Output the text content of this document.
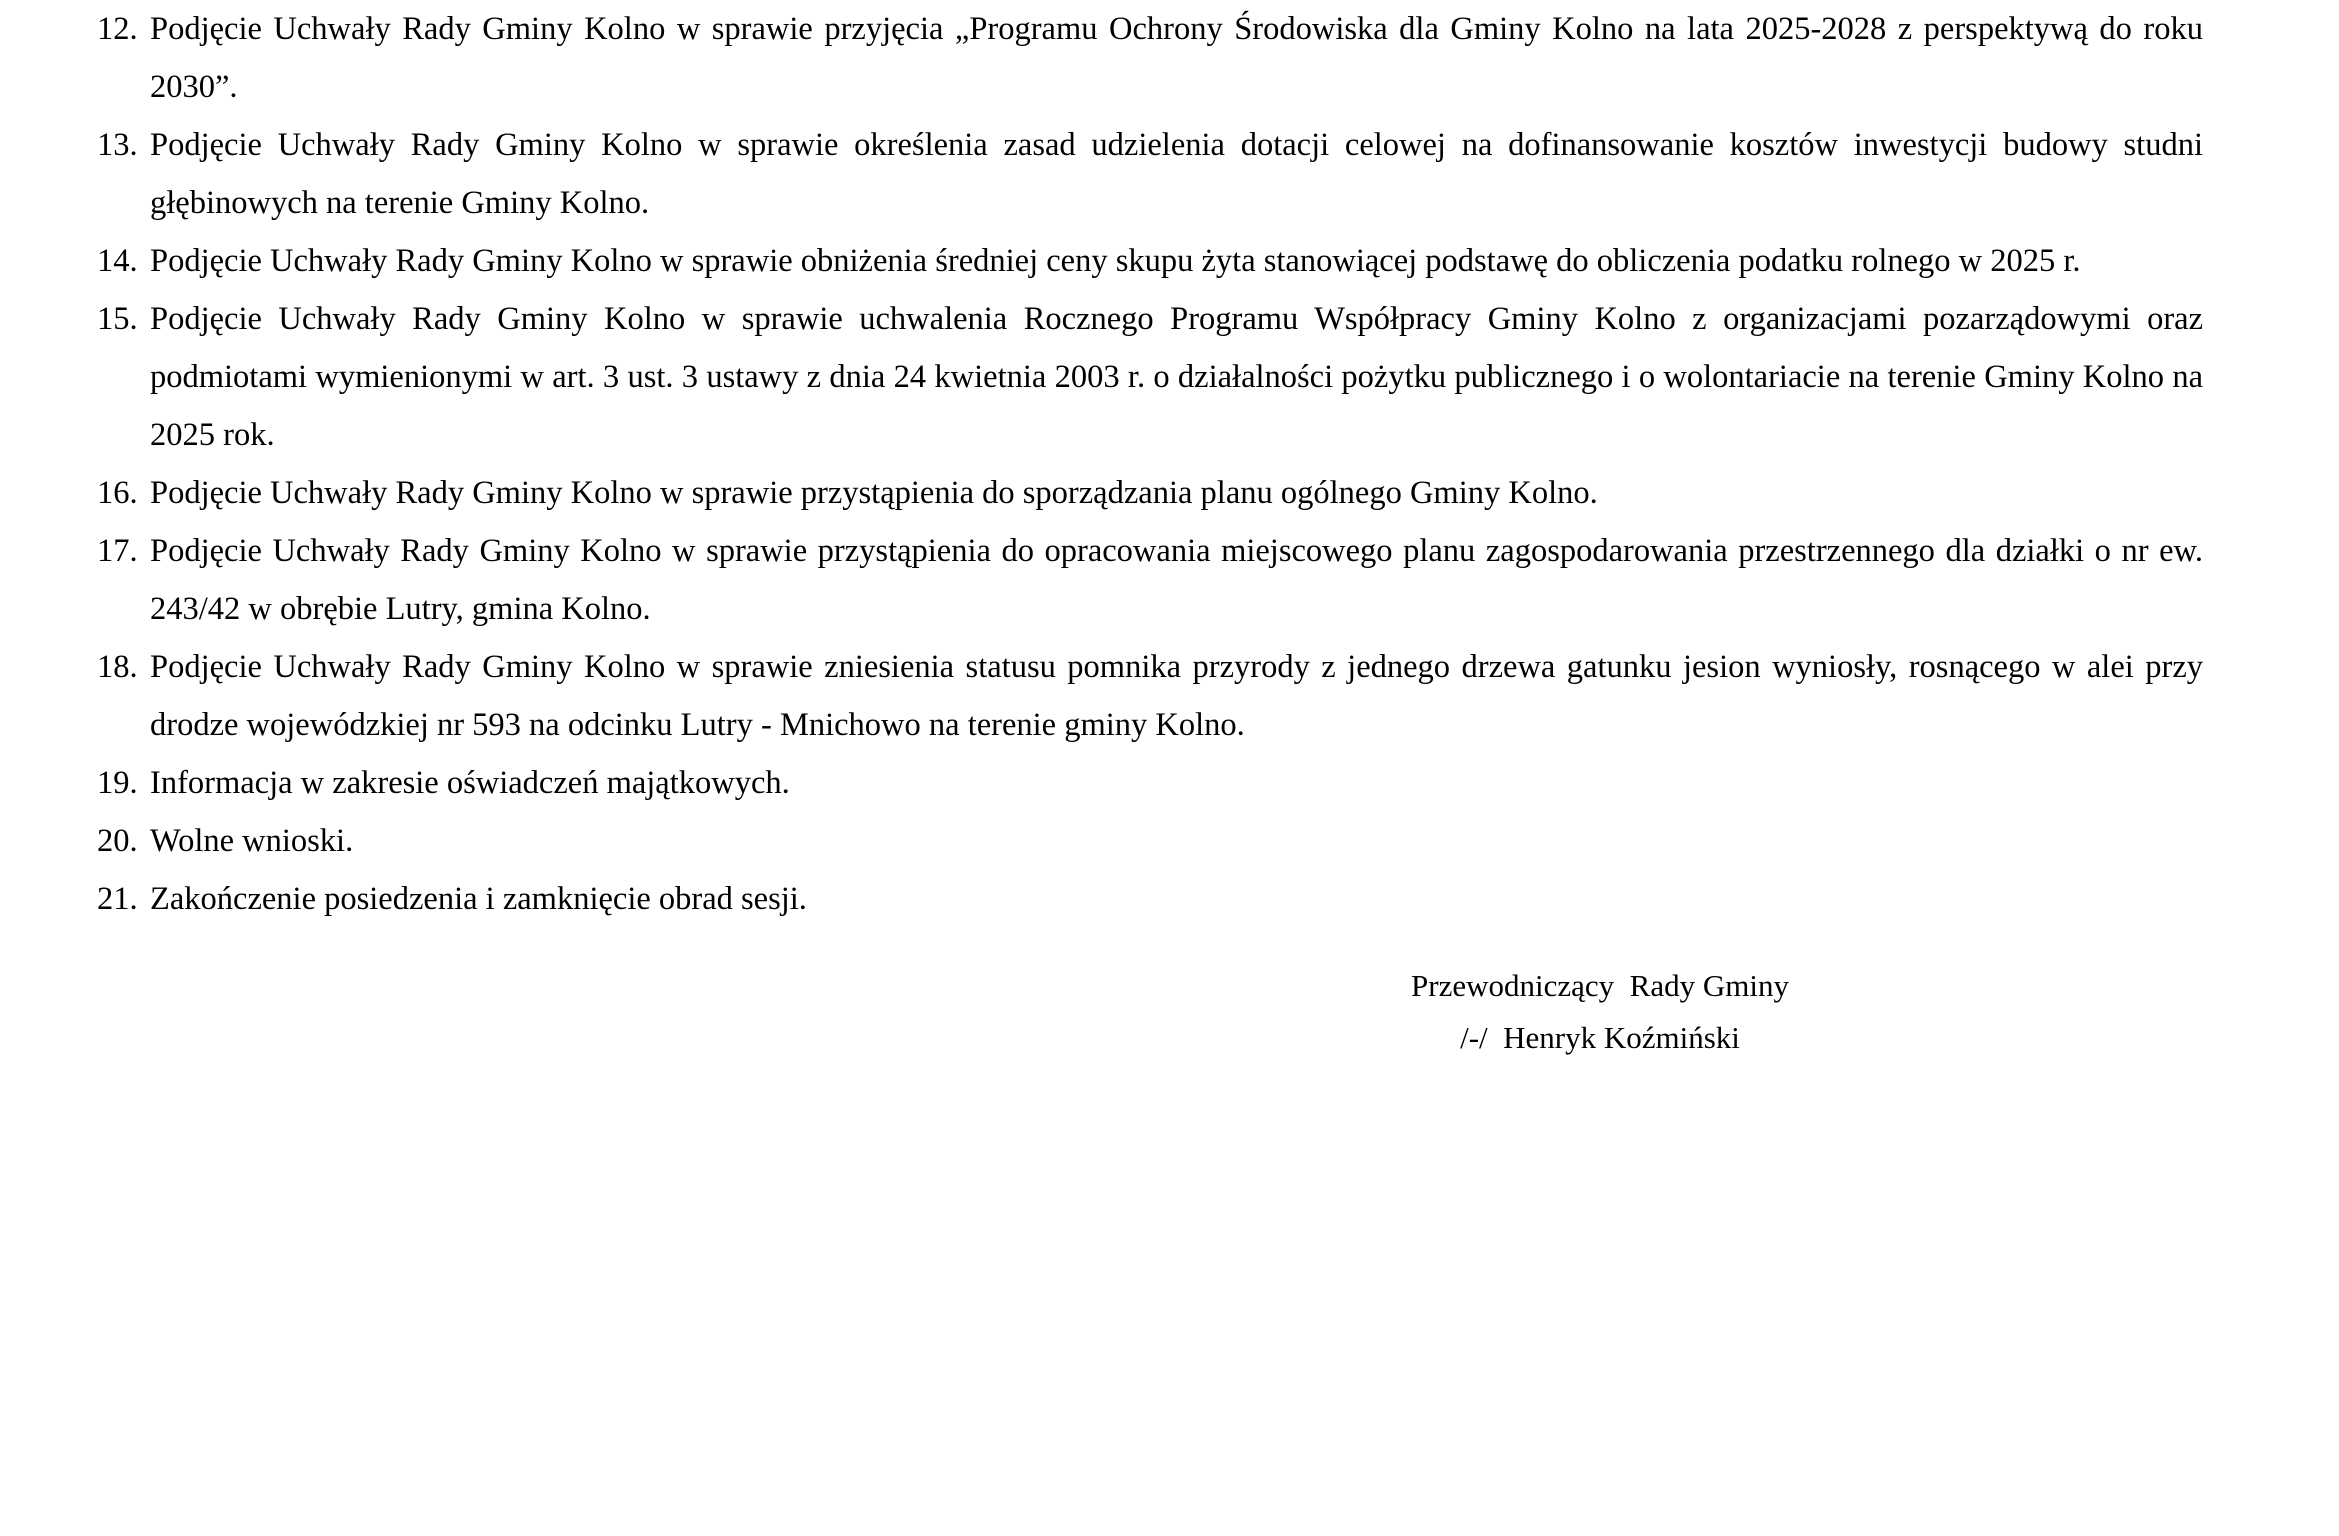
12. Podjęcie Uchwały Rady Gminy Kolno w sprawie przyjęcia „Programu Ochrony Środowiska dla Gminy Kolno na lata 2025-2028 z perspektywą do roku 2030”.
13. Podjęcie Uchwały Rady Gminy Kolno w sprawie określenia zasad udzielenia dotacji celowej na dofinansowanie kosztów inwestycji budowy studni głębinowych na terenie Gminy Kolno.
14. Podjęcie Uchwały Rady Gminy Kolno w sprawie obniżenia średniej ceny skupu żyta stanowiącej podstawę do obliczenia podatku rolnego w 2025 r.
15. Podjęcie Uchwały Rady Gminy Kolno w sprawie uchwalenia Rocznego Programu Współpracy Gminy Kolno z organizacjami pozarządowymi oraz podmiotami wymienionymi w art. 3 ust. 3 ustawy z dnia 24 kwietnia 2003 r. o działalności pożytku publicznego i o wolontariacie na terenie Gminy Kolno na 2025 rok.
16. Podjęcie Uchwały Rady Gminy Kolno w sprawie przystąpienia do sporządzania planu ogólnego Gminy Kolno.
17. Podjęcie Uchwały Rady Gminy Kolno w sprawie przystąpienia do opracowania miejscowego planu zagospodarowania przestrzennego dla działki o nr ew. 243/42 w obrębie Lutry, gmina Kolno.
18. Podjęcie Uchwały Rady Gminy Kolno w sprawie zniesienia statusu pomnika przyrody z jednego drzewa gatunku jesion wyniosły, rosnącego w alei przy drodze wojewódzkiej nr 593 na odcinku Lutry - Mnichowo na terenie gminy Kolno.
19. Informacja w zakresie oświadczeń majątkowych.
20. Wolne wnioski.
21. Zakończenie posiedzenia i zamknięcie obrad sesji.
Przewodniczący  Rady Gminy
/-/  Henryk Koźmiński
